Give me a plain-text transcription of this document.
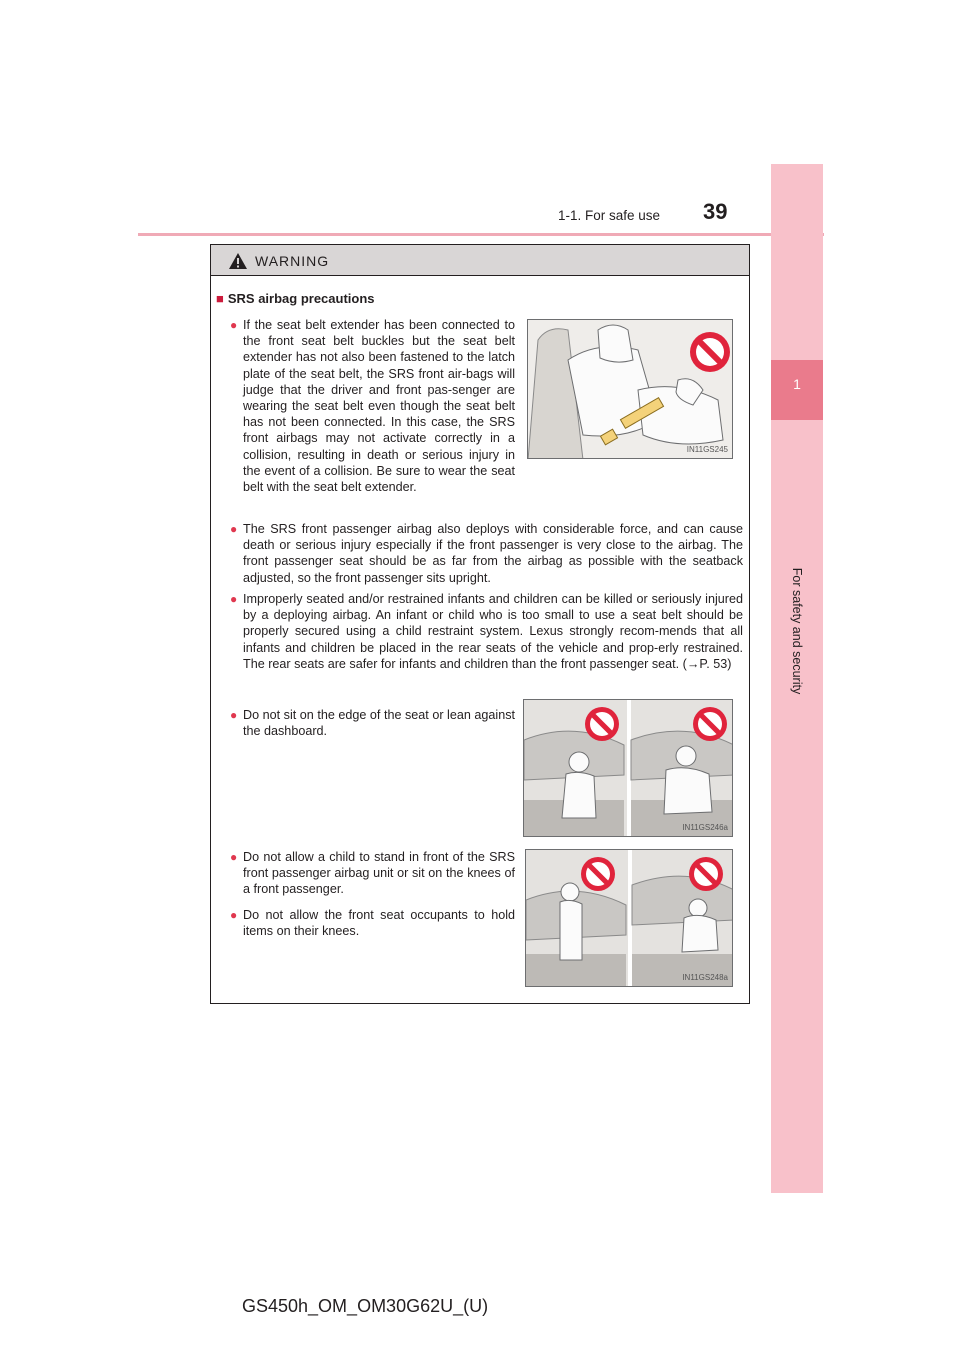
1-1. For safe use 39
1
For safety and security
WARNING
■ SRS airbag precautions
● If the seat belt extender has been connected to the front seat belt buckles but the seat belt extender has not also been fastened to the latch plate of the seat belt, the SRS front air-bags will judge that the driver and front pas-senger are wearing the seat belt even though the seat belt has not been connected. In this case, the SRS front airbags may not activate correctly in a collision, resulting in death or serious injury in the event of a collision. Be sure to wear the seat belt with the seat belt extender.

IN11GS245
● The SRS front passenger airbag also deploys with considerable force, and can cause death or serious injury especially if the front passenger is very close to the airbag. The front passenger seat should be as far from the airbag as possible with the seatback adjusted, so the front passenger sits upright.

● Improperly seated and/or restrained infants and children can be killed or seriously injured by a deploying airbag. An infant or child who is too small to use a seat belt should be properly secured using a child restraint system. Lexus strongly recom-mends that all infants and children be placed in the rear seats of the vehicle and prop-erly restrained. The rear seats are safer for infants and children than the front passenger seat. (→P. 53)

● Do not sit on the edge of the seat or lean against the dashboard.

IN11GS246a
● Do not allow a child to stand in front of the SRS front passenger airbag unit or sit on the knees of a front passenger.

● Do not allow the front seat occupants to hold items on their knees.

IN11GS248a
GS450h_OM_OM30G62U_(U)
